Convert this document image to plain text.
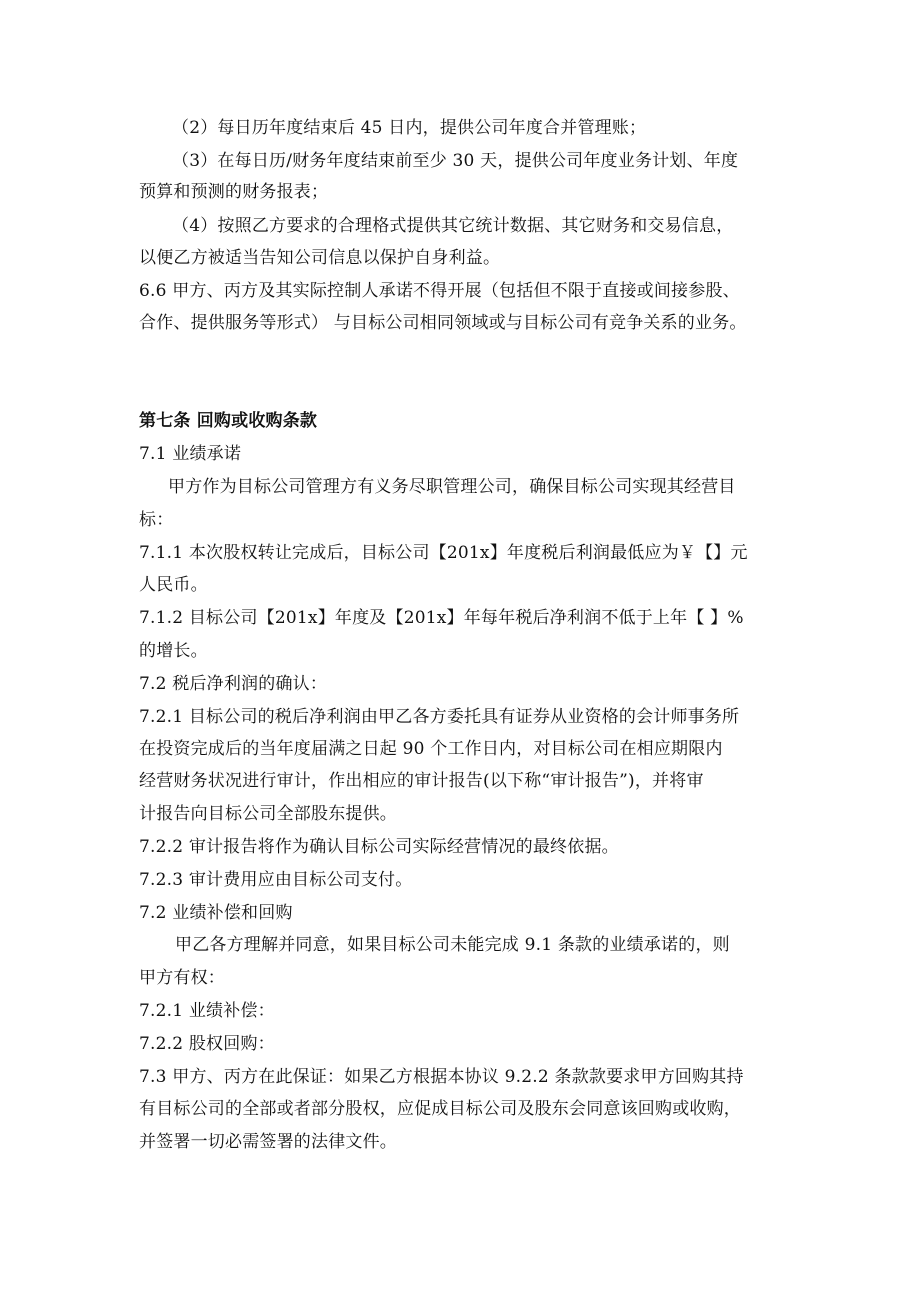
（2）每日历年度结束后 45 日内，提供公司年度合并管理账；
（3）在每日历/财务年度结束前至少 30 天，提供公司年度业务计划、年度
预算和预测的财务报表；
（4）按照乙方要求的合理格式提供其它统计数据、其它财务和交易信息，
以便乙方被适当告知公司信息以保护自身利益。
6.6 甲方、丙方及其实际控制人承诺不得开展（包括但不限于直接或间接参股、
合作、提供服务等形式） 与目标公司相同领域或与目标公司有竞争关系的业务。
第七条 回购或收购条款
7.1 业绩承诺
甲方作为目标公司管理方有义务尽职管理公司，确保目标公司实现其经营目
标：
7.1.1 本次股权转让完成后，目标公司【201x】年度税后利润最低应为￥【】元
人民币。
7.1.2 目标公司【201x】年度及【201x】年每年税后净利润不低于上年【 】%
的增长。
7.2 税后净利润的确认：
7.2.1 目标公司的税后净利润由甲乙各方委托具有证券从业资格的会计师事务所
在投资完成后的当年度届满之日起 90 个工作日内，对目标公司在相应期限内
经营财务状况进行审计，作出相应的审计报告(以下称“审计报告”)，并将审
计报告向目标公司全部股东提供。
7.2.2 审计报告将作为确认目标公司实际经营情况的最终依据。
7.2.3 审计费用应由目标公司支付。
7.2 业绩补偿和回购
甲乙各方理解并同意，如果目标公司未能完成 9.1 条款的业绩承诺的，则
甲方有权：
7.2.1 业绩补偿：
7.2.2 股权回购：
7.3 甲方、丙方在此保证：如果乙方根据本协议 9.2.2 条款款要求甲方回购其持
有目标公司的全部或者部分股权，应促成目标公司及股东会同意该回购或收购，
并签署一切必需签署的法律文件。
